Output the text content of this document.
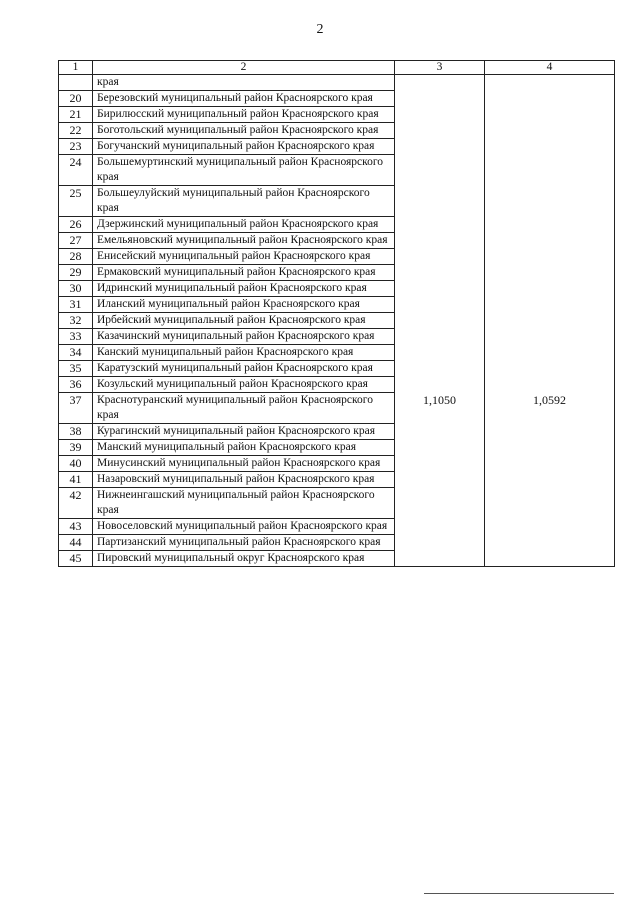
2
1	2	3	4
	края	1,1050	1,0592

20	Березовский муниципальный район Красноярского края		
21	Бирилюсский муниципальный район Красноярского края		
22	Боготольский муниципальный район Красноярского края		
23	Богучанский муниципальный район Красноярского края		
24	Большемуртинский муниципальный район Красноярского края		
25	Большеулуйский муниципальный район Красноярского края		
26	Дзержинский муниципальный район Красноярского края		
27	Емельяновский муниципальный район Красноярского края		
28	Енисейский муниципальный район Красноярского края		
29	Ермаковский муниципальный район Красноярского края		
30	Идринский муниципальный район Красноярского края		
31	Иланский муниципальный район Красноярского края		
32	Ирбейский муниципальный район Красноярского края		
33	Казачинский муниципальный район Красноярского края		
34	Канский муниципальный район Красноярского края		
35	Каратузский муниципальный район Красноярского края		
36	Козульский муниципальный район Красноярского края		
37	Краснотуранский муниципальный район Красноярского края		
38	Курагинский муниципальный район Красноярского края		
39	Манский муниципальный район Красноярского края		
40	Минусинский муниципальный район Красноярского края		
41	Назаровский муниципальный район Красноярского края		
42	Нижнеингашский муниципальный район Красноярского края		
43	Новоселовский муниципальный район Красноярского края		
44	Партизанский муниципальный район Красноярского края		
45	Пировский муниципальный округ Красноярского края		
